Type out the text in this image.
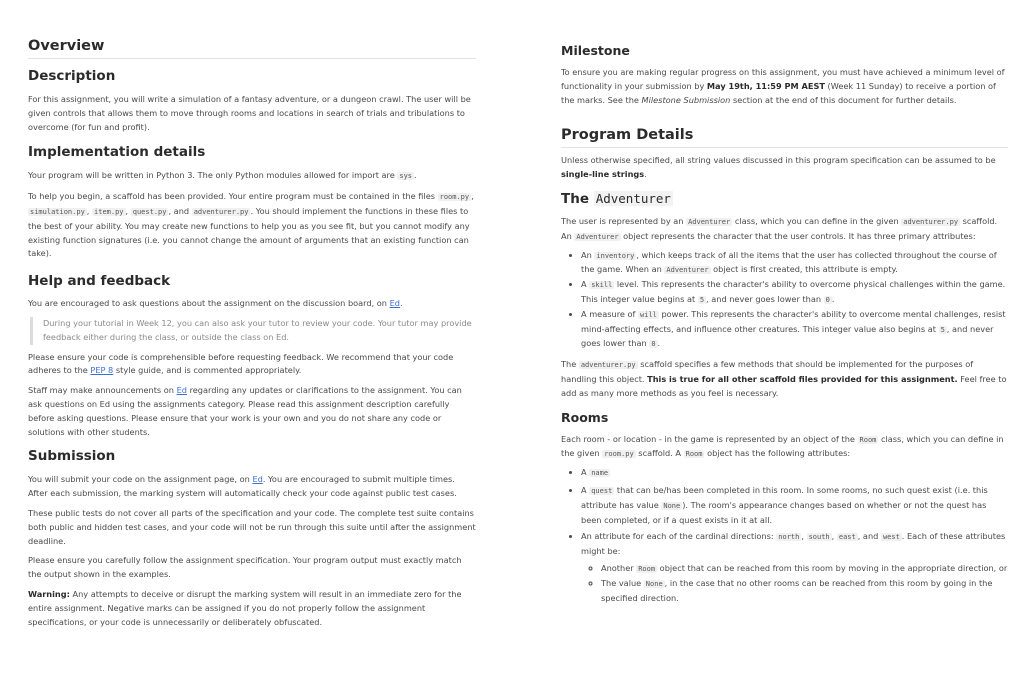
Overview
Description

For this assignment, you will write a simulation of a fantasy adventure, or a dungeon crawl. The user will be given controls that allows them to move through rooms and locations in search of trials and tribulations to overcome (for fun and profit).

Implementation details

Your program will be written in Python 3. The only Python modules allowed for import are sys .

To help you begin, a scaffold has been provided. Your entire program must be contained in the files room.py , simulation.py , item.py , quest.py , and adventurer.py . You should implement the functions in these files to the best of your ability. You may create new functions to help you as you see fit, but you cannot modify any existing function signatures (i.e. you cannot change the amount of arguments that an existing function can take).

Help and feedback

You are encouraged to ask questions about the assignment on the discussion board, on Ed.

During your tutorial in Week 12, you can also ask your tutor to review your code. Your tutor may provide feedback either during the class, or outside the class on Ed.

Please ensure your code is comprehensible before requesting feedback. We recommend that your code adheres to the PEP 8 style guide, and is commented appropriately.

Staff may make announcements on Ed regarding any updates or clarifications to the assignment. You can ask questions on Ed using the assignments category. Please read this assignment description carefully before asking questions. Please ensure that your work is your own and you do not share any code or solutions with other students.

Submission

You will submit your code on the assignment page, on Ed. You are encouraged to submit multiple times. After each submission, the marking system will automatically check your code against public test cases.

These public tests do not cover all parts of the specification and your code. The complete test suite contains both public and hidden test cases, and your code will not be run through this suite until after the assignment deadline.

Please ensure you carefully follow the assignment specification. Your program output must exactly match the output shown in the examples.

Warning: Any attempts to deceive or disrupt the marking system will result in an immediate zero for the entire assignment. Negative marks can be assigned if you do not properly follow the assignment specifications, or your code is unnecessarily or deliberately obfuscated.

Milestone

To ensure you are making regular progress on this assignment, you must have achieved a minimum level of functionality in your submission by May 19th, 11:59 PM AEST (Week 11 Sunday) to receive a portion of the marks. See the Milestone Submission section at the end of this document for further details.

Program Details

Unless otherwise specified, all string values discussed in this program specification can be assumed to be single-line strings.

The Adventurer

The user is represented by an Adventurer class, which you can define in the given adventurer.py scaffold. An Adventurer object represents the character that the user controls. It has three primary attributes:

• An inventory , which keeps track of all the items that the user has collected throughout the course of the game. When an Adventurer object is first created, this attribute is empty.
• A skill level. This represents the character's ability to overcome physical challenges within the game. This integer value begins at 5 , and never goes lower than 0 .
• A measure of will power. This represents the character's ability to overcome mental challenges, resist mind-affecting effects, and influence other creatures. This integer value also begins at 5 , and never goes lower than 0 .

The adventurer.py scaffold specifies a few methods that should be implemented for the purposes of handling this object. This is true for all other scaffold files provided for this assignment. Feel free to add as many more methods as you feel is necessary.

Rooms

Each room - or location - in the game is represented by an object of the Room class, which you can define in the given room.py scaffold. A Room object has the following attributes:

• A name
• A quest that can be/has been completed in this room. In some rooms, no such quest exist (i.e. this attribute has value None ). The room's appearance changes based on whether or not the quest has been completed, or if a quest exists in it at all.
• An attribute for each of the cardinal directions: north , south , east , and west . Each of these attributes might be:
◦ Another Room object that can be reached from this room by moving in the appropriate direction, or
◦ The value None , in the case that no other rooms can be reached from this room by going in the specified direction.
